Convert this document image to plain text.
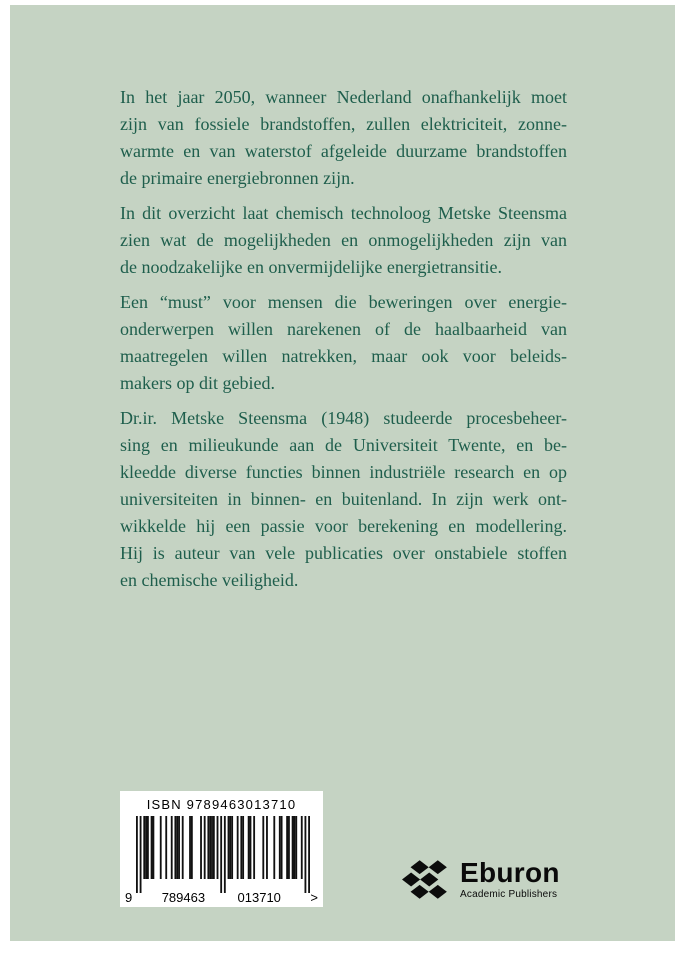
In het jaar 2050, wanneer Nederland onafhankelijk moet
zijn van fossiele brandstoffen, zullen elektriciteit, zonne-
warmte en van waterstof afgeleide duurzame brandstoffen
de primaire energiebronnen zijn.
In dit overzicht laat chemisch technoloog Metske Steensma
zien wat de mogelijkheden en onmogelijkheden zijn van
de noodzakelijke en onvermijdelijke energietransitie.
Een “must” voor mensen die beweringen over energie-
onderwerpen willen narekenen of de haalbaarheid van
maatregelen willen natrekken, maar ook voor beleids-
makers op dit gebied.
Dr.ir. Metske Steensma (1948) studeerde procesbeheer-
sing en milieukunde aan de Universiteit Twente, en be-
kleedde diverse functies binnen industriële research en op
universiteiten in binnen- en buitenland. In zijn werk ont-
wikkelde hij een passie voor berekening en modellering.
Hij is auteur van vele publicaties over onstabiele stoffen
en chemische veiligheid.
ISBN 9789463013710
9 789463 013710 >
Eburon
Academic Publishers
